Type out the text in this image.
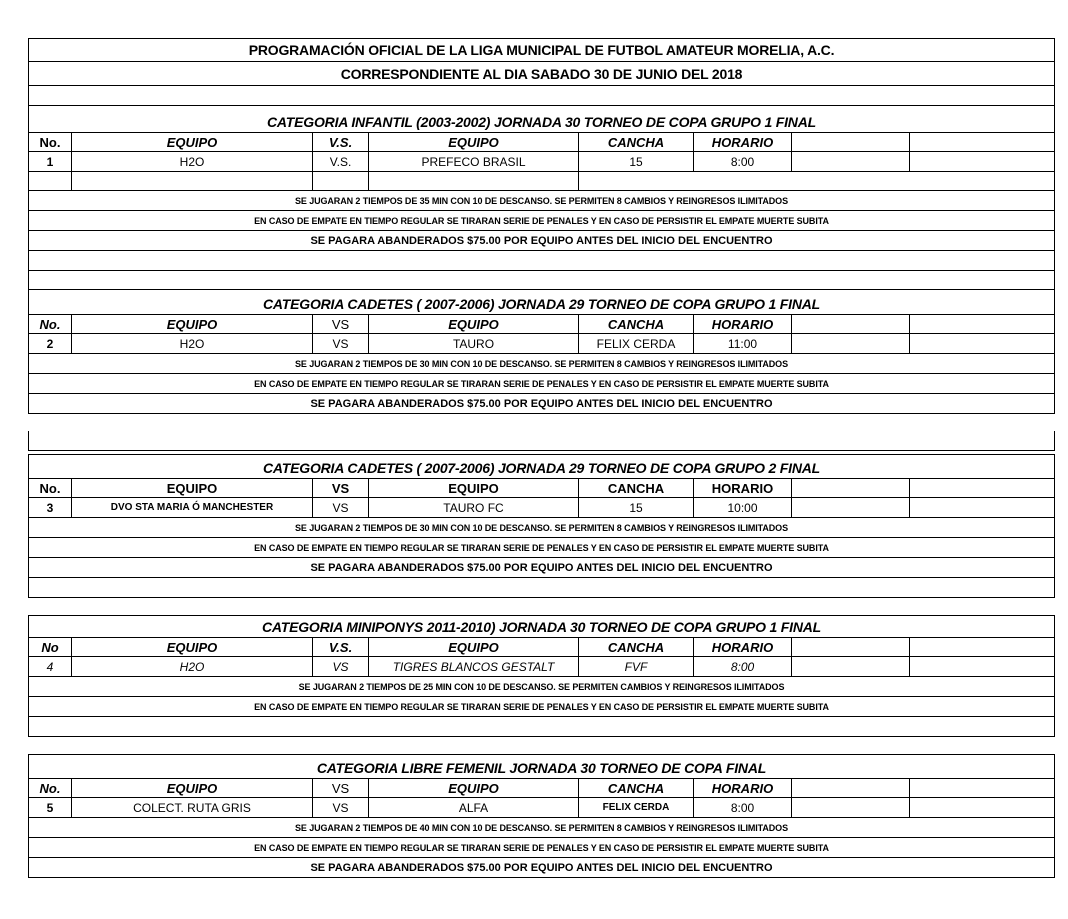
PROGRAMACIÓN OFICIAL DE LA LIGA MUNICIPAL DE FUTBOL AMATEUR MORELIA, A.C.
CORRESPONDIENTE AL DIA SABADO 30 DE JUNIO DEL 2018
CATEGORIA INFANTIL (2003-2002) JORNADA 30 TORNEO DE COPA GRUPO 1 FINAL
No.	EQUIPO	V.S.	EQUIPO	CANCHA	HORARIO
1	H2O	V.S.	PREFECO BRASIL	15	8:00
SE JUGARAN 2 TIEMPOS DE 35 MIN CON 10 DE DESCANSO. SE PERMITEN 8 CAMBIOS Y REINGRESOS ILIMITADOS
EN CASO DE EMPATE EN TIEMPO REGULAR SE TIRARAN SERIE DE PENALES Y EN CASO DE PERSISTIR EL EMPATE MUERTE SUBITA
SE PAGARA ABANDERADOS $75.00 POR EQUIPO ANTES DEL INICIO DEL ENCUENTRO
CATEGORIA CADETES ( 2007-2006) JORNADA 29 TORNEO DE COPA GRUPO 1 FINAL
No.	EQUIPO	VS	EQUIPO	CANCHA	HORARIO
2	H2O	VS	TAURO	FELIX CERDA	11:00
SE JUGARAN 2 TIEMPOS DE 30 MIN CON 10 DE DESCANSO. SE PERMITEN 8 CAMBIOS Y REINGRESOS ILIMITADOS
EN CASO DE EMPATE EN TIEMPO REGULAR SE TIRARAN SERIE DE PENALES Y EN CASO DE PERSISTIR EL EMPATE MUERTE SUBITA
SE PAGARA ABANDERADOS $75.00 POR EQUIPO ANTES DEL INICIO DEL ENCUENTRO
CATEGORIA CADETES ( 2007-2006) JORNADA 29 TORNEO DE COPA GRUPO 2 FINAL
No.	EQUIPO	VS	EQUIPO	CANCHA	HORARIO
3	DVO STA MARIA Ó MANCHESTER	VS	TAURO FC	15	10:00
SE JUGARAN 2 TIEMPOS DE 30 MIN CON 10 DE DESCANSO. SE PERMITEN 8 CAMBIOS Y REINGRESOS ILIMITADOS
EN CASO DE EMPATE EN TIEMPO REGULAR SE TIRARAN SERIE DE PENALES Y EN CASO DE PERSISTIR EL EMPATE MUERTE SUBITA
SE PAGARA ABANDERADOS $75.00 POR EQUIPO ANTES DEL INICIO DEL ENCUENTRO
CATEGORIA MINIPONYS 2011-2010) JORNADA 30 TORNEO DE COPA GRUPO 1 FINAL
No	EQUIPO	V.S.	EQUIPO	CANCHA	HORARIO
4	H2O	VS	TIGRES BLANCOS GESTALT	FVF	8:00
SE JUGARAN 2 TIEMPOS DE 25 MIN CON 10 DE DESCANSO. SE PERMITEN CAMBIOS Y REINGRESOS ILIMITADOS
EN CASO DE EMPATE EN TIEMPO REGULAR SE TIRARAN SERIE DE PENALES Y EN CASO DE PERSISTIR EL EMPATE MUERTE SUBITA
CATEGORIA LIBRE FEMENIL JORNADA 30 TORNEO DE COPA FINAL
No.	EQUIPO	VS	EQUIPO	CANCHA	HORARIO
5	COLECT. RUTA GRIS	VS	ALFA	FELIX CERDA	8:00
SE JUGARAN 2 TIEMPOS DE 40 MIN CON 10 DE DESCANSO. SE PERMITEN 8 CAMBIOS Y REINGRESOS ILIMITADOS
EN CASO DE EMPATE EN TIEMPO REGULAR SE TIRARAN SERIE DE PENALES Y EN CASO DE PERSISTIR EL EMPATE MUERTE SUBITA
SE PAGARA ABANDERADOS $75.00 POR EQUIPO ANTES DEL INICIO DEL ENCUENTRO
